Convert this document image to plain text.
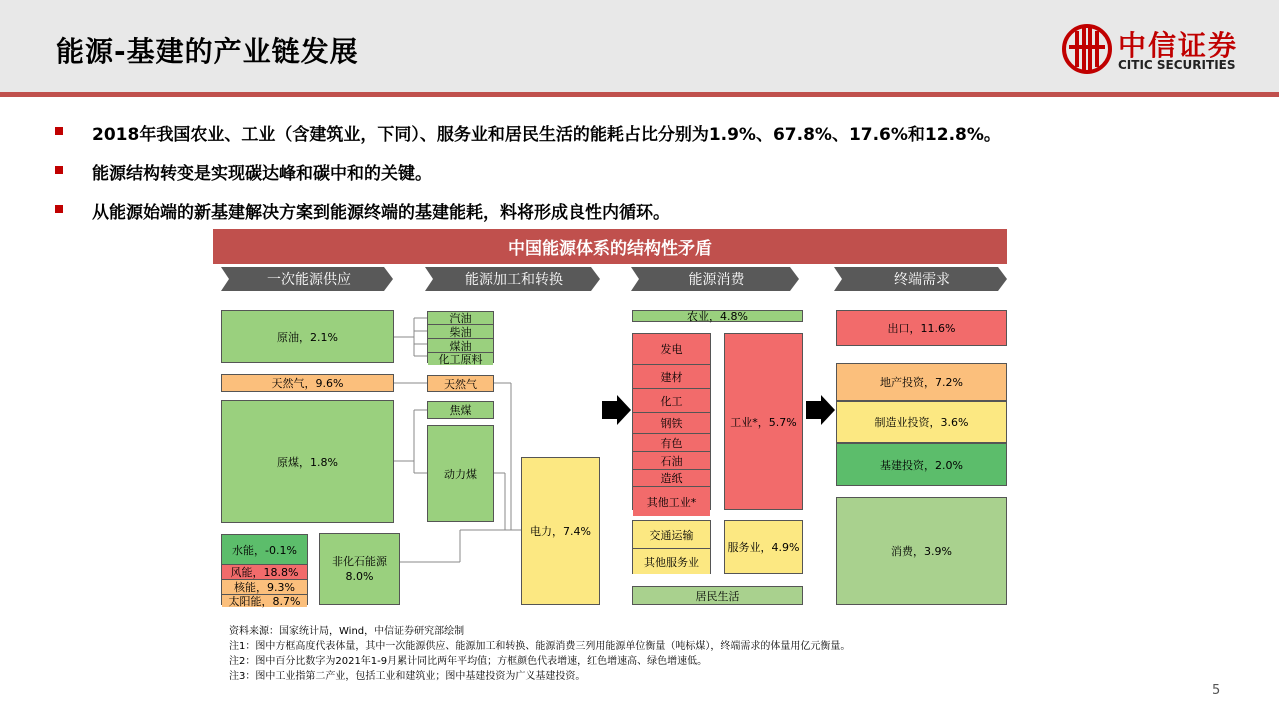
能源-基建的产业链发展	中信证券
CITIC SECURITIES
2018年我国农业、工业（含建筑业，下同）、服务业和居民生活的能耗占比分别为1.9%、67.8%、17.6%和12.8%。
能源结构转变是实现碳达峰和碳中和的关键。
从能源始端的新基建解决方案到能源终端的基建能耗，料将形成良性内循环。
中国能源体系的结构性矛盾
一次能源供应	能源加工和转换	能源消费	终端需求
原油，2.1%
天然气，9.6%
原煤，1.8%
水能，-0.1%
风能，18.8%
核能，9.3%
太阳能，8.7%
非化石能源
8.0%
汽油
柴油
煤油
化工原料
天然气
焦煤
动力煤
电力，7.4%
农业，4.8%
发电
建材
化工
钢铁
有色
石油
造纸
其他工业*
工业*，5.7%
交通运输
其他服务业
服务业，4.9%
居民生活
出口，11.6%
地产投资，7.2%
制造业投资，3.6%
基建投资，2.0%
消费，3.9%
资料来源：国家统计局，Wind，中信证券研究部绘制
注1：图中方框高度代表体量，其中一次能源供应、能源加工和转换、能源消费三列用能源单位衡量（吨标煤），终端需求的体量用亿元衡量。
注2：图中百分比数字为2021年1-9月累计同比两年平均值；方框颜色代表增速，红色增速高、绿色增速低。
注3：图中工业指第二产业，包括工业和建筑业；图中基建投资为广义基建投资。
5
